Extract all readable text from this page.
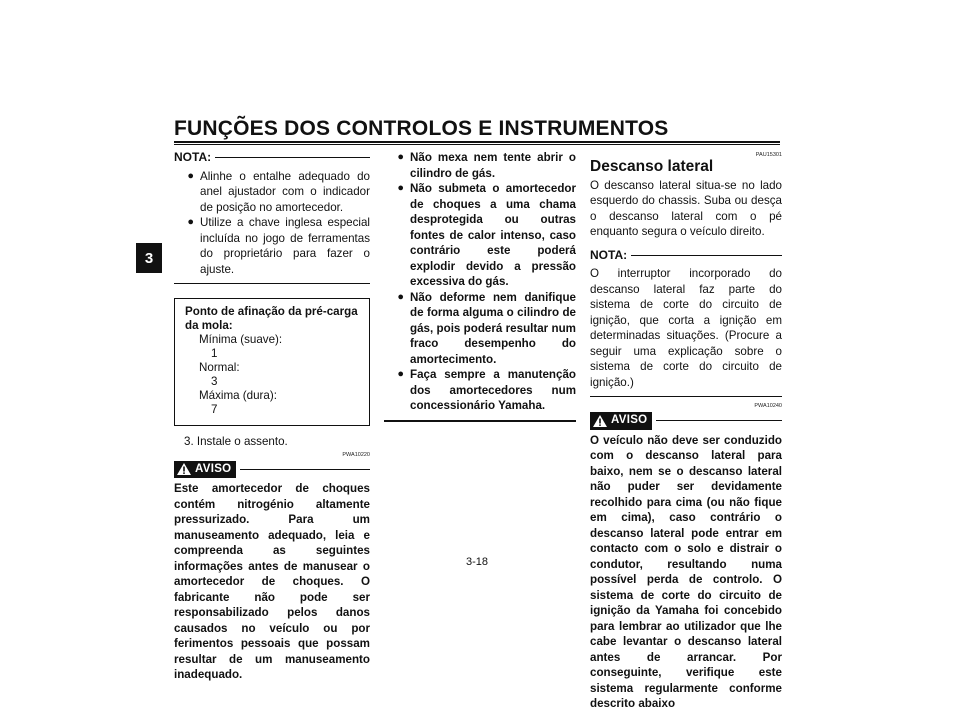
FUNÇÕES DOS CONTROLOS E INSTRUMENTOS
3
NOTA:
● Alinhe o entalhe adequado do anel ajustador com o indicador de posição no amortecedor.
● Utilize a chave inglesa especial incluída no jogo de ferramentas do proprietário para fazer o ajuste.
Ponto de afinação da pré-carga da mola:
Mínima (suave):
1
Normal:
3
Máxima (dura):
7
3. Instale o assento.
PWA10220
AVISO
Este amortecedor de choques contém nitrogénio altamente pressurizado. Para um manuseamento adequado, leia e compreenda as seguintes informações antes de manusear o amortecedor de choques. O fabricante não pode ser responsabilizado pelos danos causados no veículo ou por ferimentos pessoais que possam resultar de um manuseamento inadequado.
● Não mexa nem tente abrir o cilindro de gás.
● Não submeta o amortecedor de choques a uma chama desprotegida ou outras fontes de calor intenso, caso contrário este poderá explodir devido a pressão excessiva do gás.
● Não deforme nem danifique de forma alguma o cilindro de gás, pois poderá resultar num fraco desempenho do amortecimento.
● Faça sempre a manutenção dos amortecedores num concessionário Yamaha.
PAU15301
Descanso lateral
O descanso lateral situa-se no lado esquerdo do chassis. Suba ou desça o descanso lateral com o pé enquanto segura o veículo direito.
NOTA:
O interruptor incorporado do descanso lateral faz parte do sistema de corte do circuito de ignição, que corta a ignição em determinadas situações. (Procure a seguir uma explicação sobre o sistema de corte do circuito de ignição.)
PWA10240
AVISO
O veículo não deve ser conduzido com o descanso lateral para baixo, nem se o descanso lateral não puder ser devidamente recolhido para cima (ou não fique em cima), caso contrário o descanso lateral pode entrar em contacto com o solo e distrair o condutor, resultando numa possível perda de controlo. O sistema de corte do circuito de ignição da Yamaha foi concebido para lembrar ao utilizador que lhe cabe levantar o descanso lateral antes de arrancar. Por conseguinte, verifique este sistema regularmente conforme descrito abaixo
3-18
